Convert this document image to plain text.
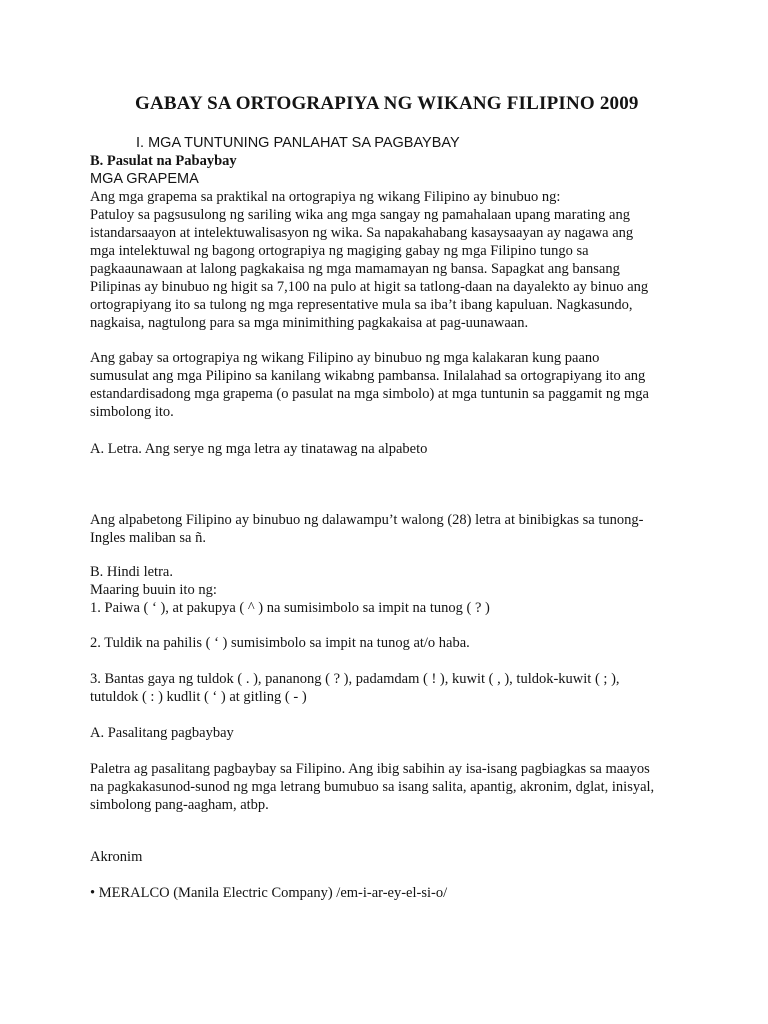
GABAY SA ORTOGRAPIYA NG WIKANG FILIPINO 2009
I. MGA TUNTUNING PANLAHAT SA PAGBAYBAY
B. Pasulat na Pabaybay
MGA GRAPEMA
Ang mga grapema sa praktikal na ortograpiya ng wikang Filipino ay binubuo ng:
Patuloy sa pagsusulong ng sariling wika ang mga sangay ng pamahalaan upang marating ang
istandarsaayon at intelektuwalisasyon ng wika. Sa napakahabang kasaysaayan ay nagawa ang
mga intelektuwal ng bagong ortograpiya ng magiging gabay ng mga Filipino tungo sa
pagkaaunawaan at lalong pagkakaisa ng mga mamamayan ng bansa. Sapagkat ang bansang
Pilipinas ay binubuo ng higit sa 7,100 na pulo at higit sa tatlong-daan na dayalekto ay binuo ang
ortograpiyang ito sa tulong ng mga representative mula sa iba’t ibang kapuluan. Nagkasundo,
nagkaisa, nagtulong para sa mga minimithing pagkakaisa at pag-uunawaan.
Ang gabay sa ortograpiya ng wikang Filipino ay binubuo ng mga kalakaran kung paano
sumusulat ang mga Pilipino sa kanilang wikabng pambansa. Inilalahad sa ortograpiyang ito ang
estandardisadong mga grapema (o pasulat na mga simbolo) at mga tuntunin sa paggamit ng mga
simbolong ito.
A. Letra. Ang serye ng mga letra ay tinatawag na alpabeto
Ang alpabetong Filipino ay binubuo ng dalawampu’t walong (28) letra at binibigkas sa tunong-
Ingles maliban sa ñ.
B. Hindi letra.
Maaring buuin ito ng:
1. Paiwa ( ‘ ), at pakupya ( ^ ) na sumisimbolo sa impit na tunog ( ? )
2. Tuldik na pahilis ( ‘ ) sumisimbolo sa impit na tunog at/o haba.
3. Bantas gaya ng tuldok ( . ), pananong ( ? ), padamdam ( ! ), kuwit ( , ), tuldok-kuwit ( ; ),
tutuldok ( : ) kudlit ( ‘ ) at gitling ( - )
A. Pasalitang pagbaybay
Paletra ag pasalitang pagbaybay sa Filipino. Ang ibig sabihin ay isa-isang pagbiagkas sa maayos
na pagkakasunod-sunod ng mga letrang bumubuo sa isang salita, apantig, akronim, dglat, inisyal,
simbolong pang-aagham, atbp.
Akronim
• MERALCO (Manila Electric Company) /em-i-ar-ey-el-si-o/
